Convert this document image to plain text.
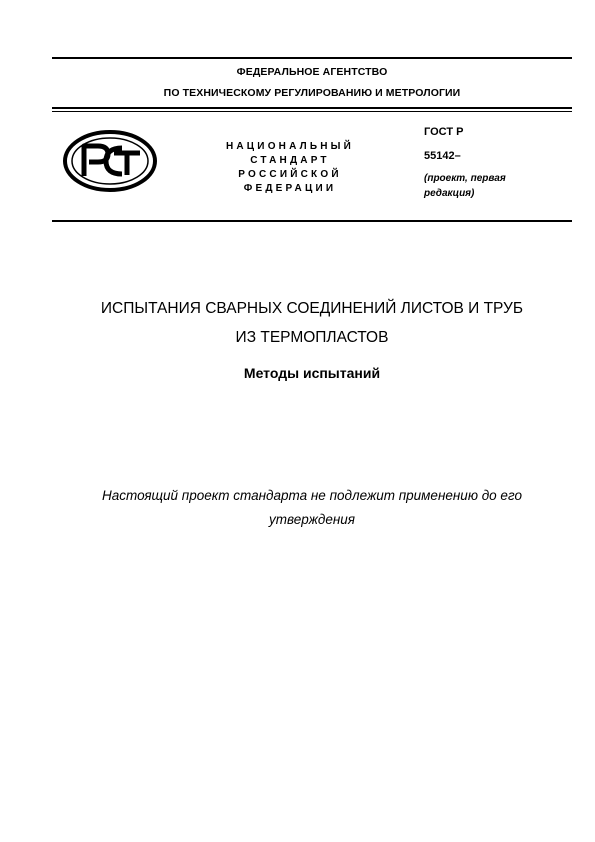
ФЕДЕРАЛЬНОЕ АГЕНТСТВО
ПО ТЕХНИЧЕСКОМУ РЕГУЛИРОВАНИЮ И МЕТРОЛОГИИ
НАЦИОНАЛЬНЫЙ
СТАНДАРТ
РОССИЙСКОЙ
ФЕДЕРАЦИИ
ГОСТ Р
55142–
(проект, первая
редакция)
ИСПЫТАНИЯ СВАРНЫХ СОЕДИНЕНИЙ ЛИСТОВ И ТРУБ
ИЗ ТЕРМОПЛАСТОВ
Методы испытаний
Настоящий проект стандарта не подлежит применению до его
утверждения
